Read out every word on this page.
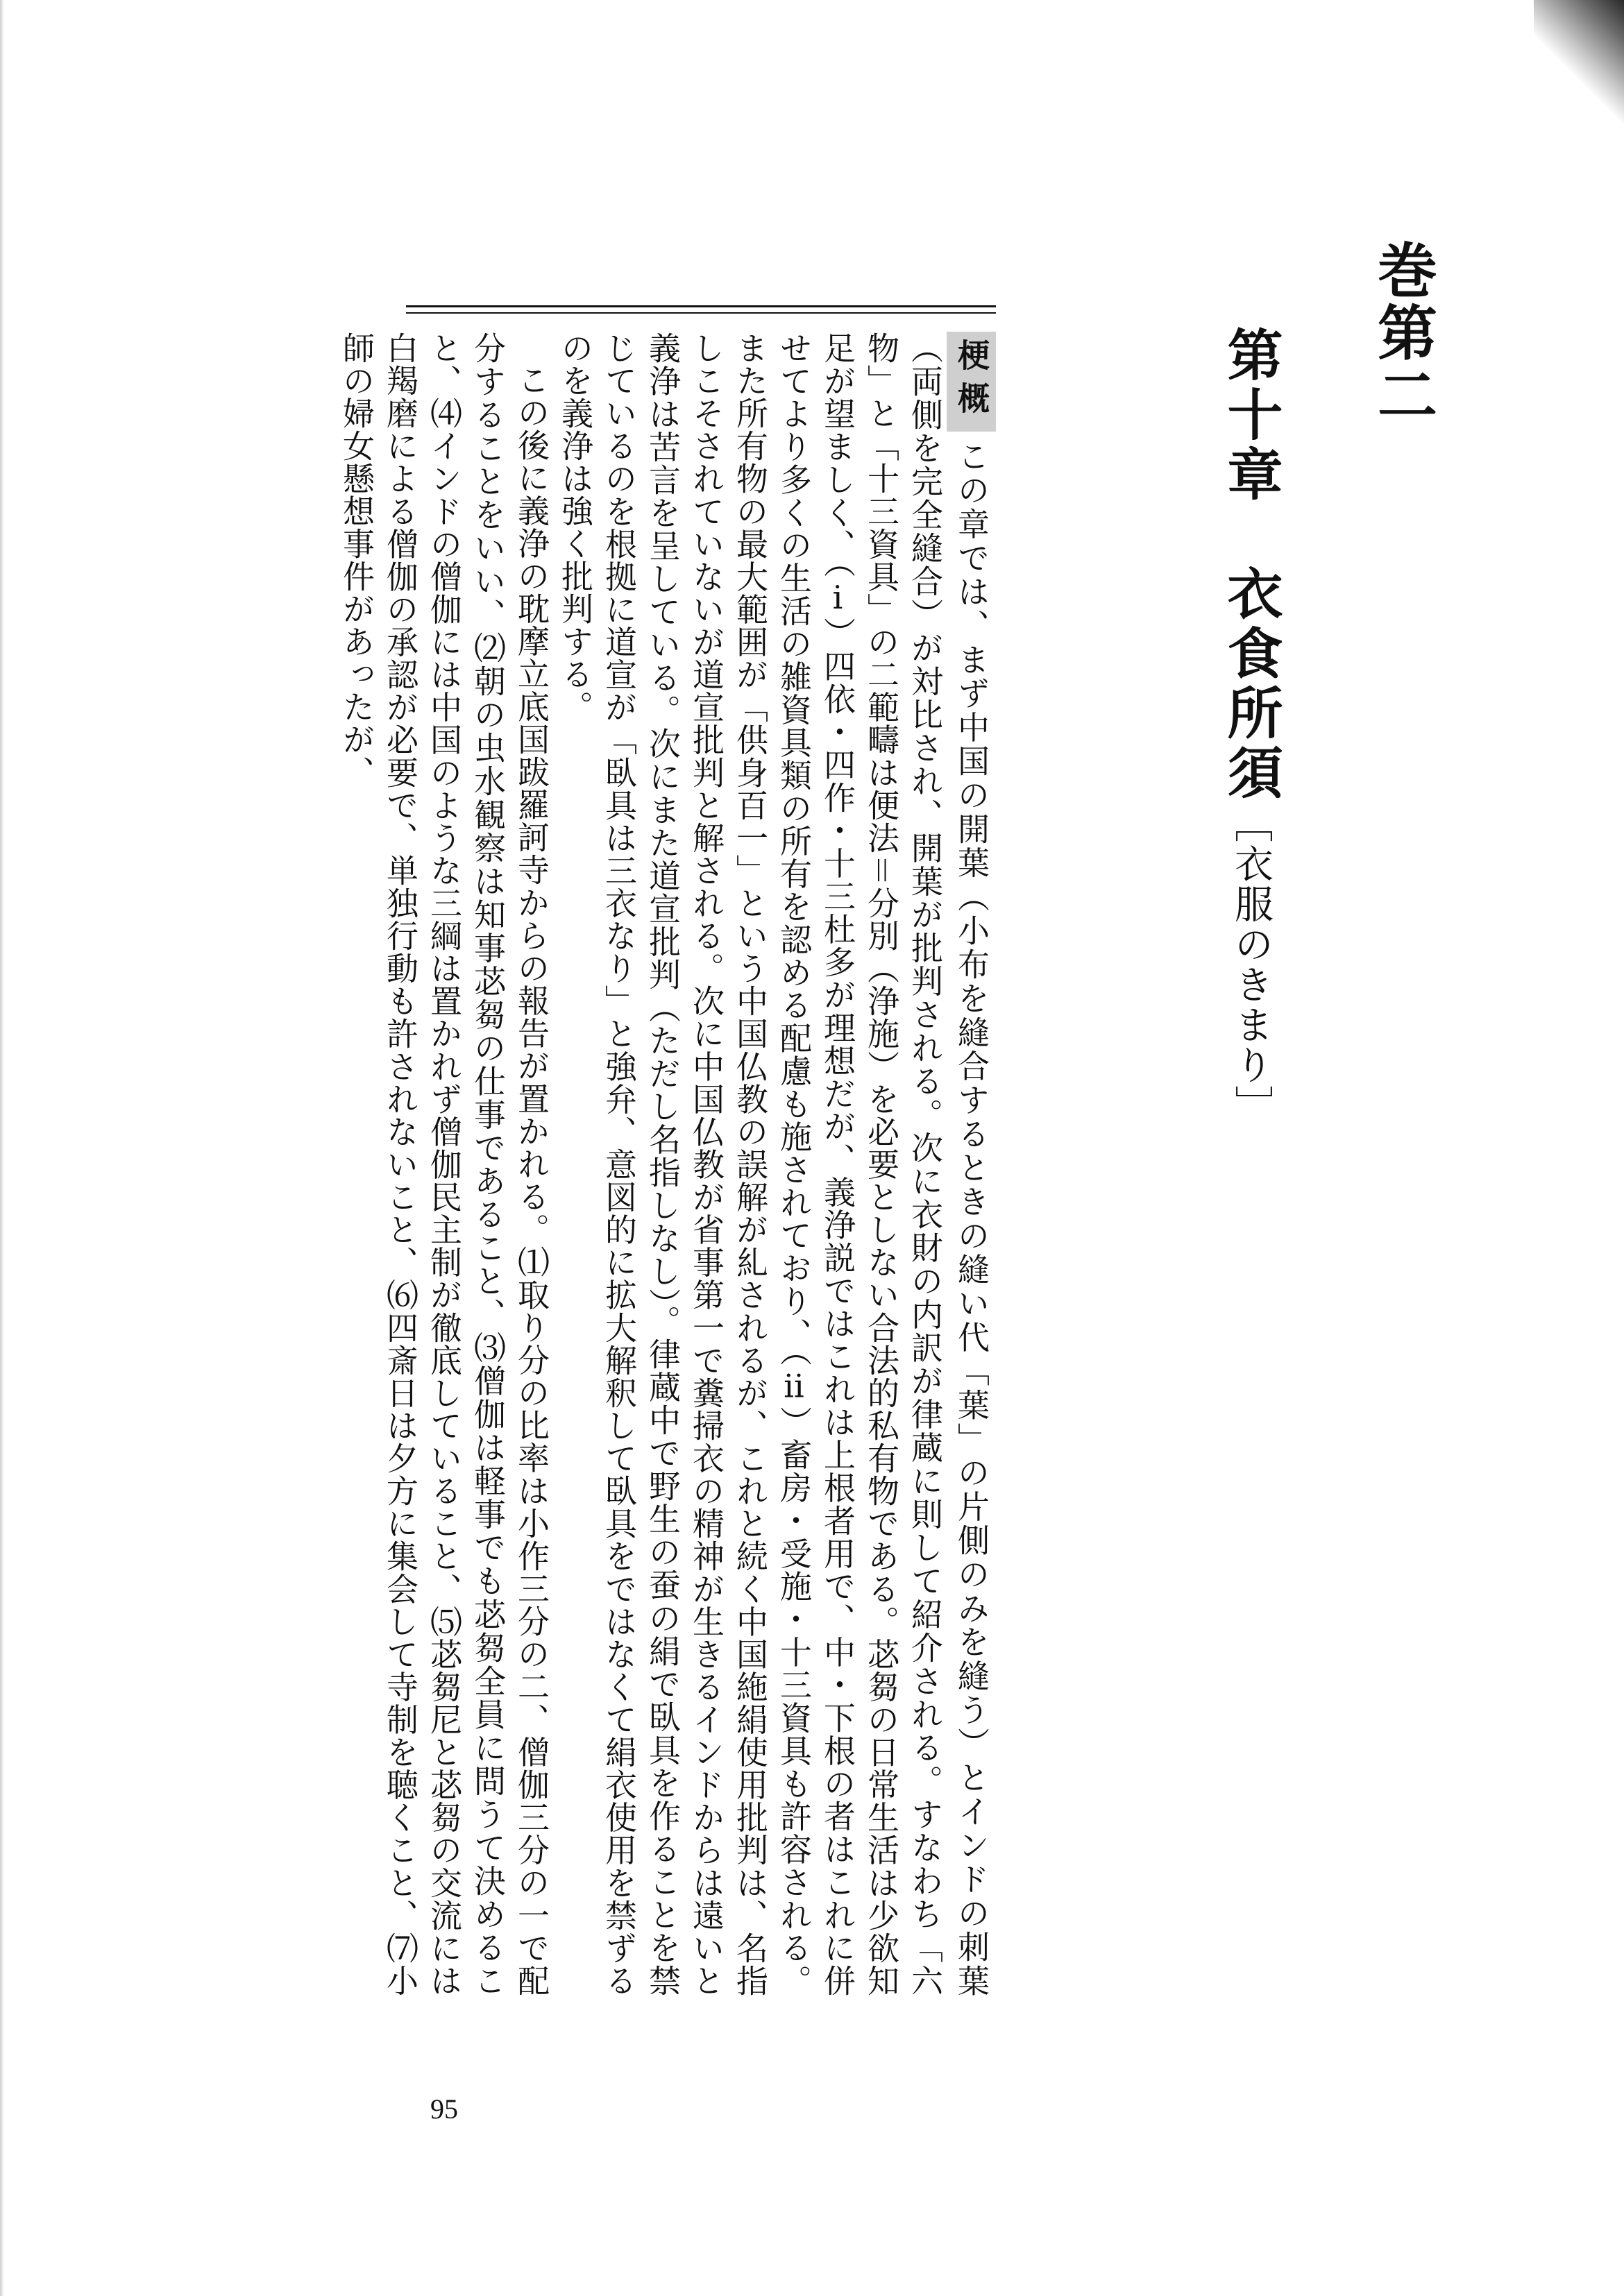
巻第二
第十章　衣食所須［衣服のきまり］
梗概この章では、まず中国の開葉（小布を縫合するときの縫い代「葉」の片側のみを縫う）とインドの刺葉（両側を完全縫合）が対比され、開葉が批判される。次に衣財の内訳が律蔵に則して紹介される。すなわち「六物」と「十三資具」の二範疇は便法＝分別（浄施）を必要としない合法的私有物である。苾芻の日常生活は少欲知足が望ましく、（ⅰ）四依・四作・十三杜多が理想だが、義浄説ではこれは上根者用で、中・下根の者はこれに併せてより多くの生活の雑資具類の所有を認める配慮も施されており、（ⅱ）畜房・受施・十三資具も許容される。また所有物の最大範囲が「供身百一」という中国仏教の誤解が糺されるが、これと続く中国絁絹使用批判は、名指しこそされていないが道宣批判と解される。次に中国仏教が省事第一で糞掃衣の精神が生きるインドからは遠いと義浄は苦言を呈している。次にまた道宣批判（ただし名指しなし）。律蔵中で野生の蚕の絹で臥具を作ることを禁じているのを根拠に道宣が「臥具は三衣なり」と強弁、意図的に拡大解釈して臥具をではなくて絹衣使用を禁ずるのを義浄は強く批判する。

この後に義浄の耽摩立底国跋羅訶寺からの報告が置かれる。⑴取り分の比率は小作三分の二、僧伽三分の一で配分することをいい、⑵朝の虫水観察は知事苾芻の仕事であること、⑶僧伽は軽事でも苾芻全員に問うて決めること、⑷インドの僧伽には中国のような三綱は置かれず僧伽民主制が徹底していること、⑸苾芻尼と苾芻の交流には白羯磨による僧伽の承認が必要で、単独行動も許されないこと、⑹四斎日は夕方に集会して寺制を聴くこと、⑺小師の婦女懸想事件があったが、
95
